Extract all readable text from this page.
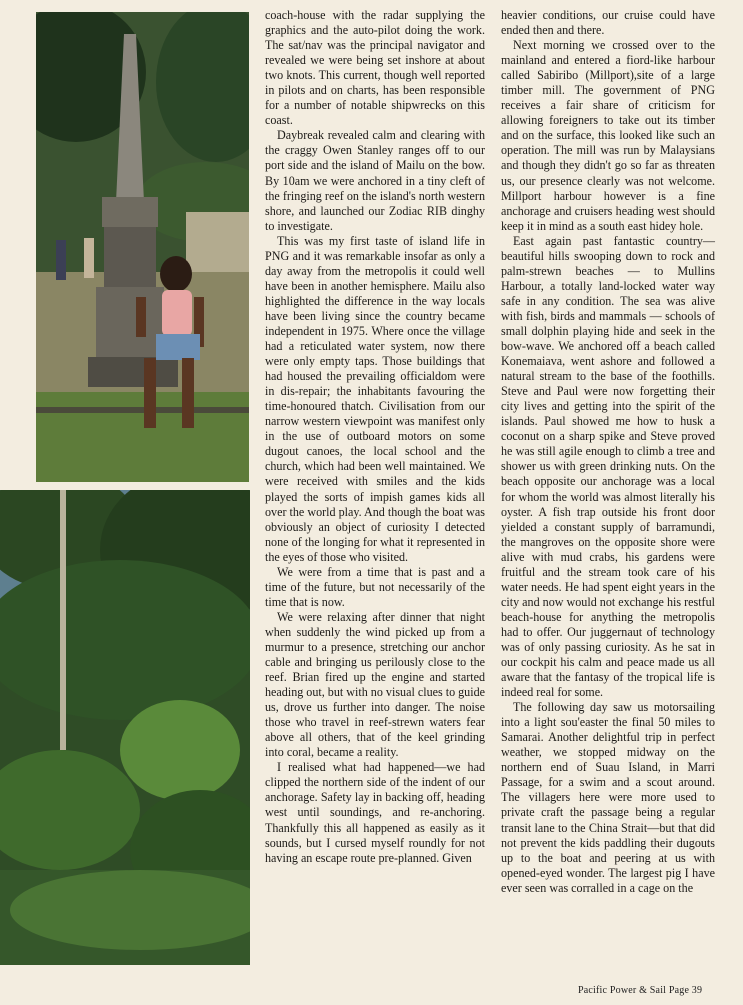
coach-house with the radar supplying the graphics and the auto-pilot doing the work. The sat/nav was the principal navigator and revealed we were being set inshore at about two knots. This current, though well reported in pilots and on charts, has been responsible for a number of notable shipwrecks on this coast.

Daybreak revealed calm and clearing with the craggy Owen Stanley ranges off to our port side and the island of Mailu on the bow. By 10am we were anchored in a tiny cleft of the fringing reef on the island's north western shore, and launched our Zodiac RIB dinghy to investigate.

This was my first taste of island life in PNG and it was remarkable insofar as only a day away from the metropolis it could well have been in another hemisphere. Mailu also highlighted the difference in the way locals have been living since the country became independent in 1975. Where once the village had a reticulated water system, now there were only empty taps. Those buildings that had housed the prevailing officialdom were in dis-repair; the inhabitants favouring the time-honoured thatch. Civilisation from our narrow western viewpoint was manifest only in the use of outboard motors on some dugout canoes, the local school and the church, which had been well maintained. We were received with smiles and the kids played the sorts of impish games kids all over the world play. And though the boat was obviously an object of curiosity I detected none of the longing for what it represented in the eyes of those who visited.

We were from a time that is past and a time of the future, but not necessarily of the time that is now.

We were relaxing after dinner that night when suddenly the wind picked up from a murmur to a presence, stretching our anchor cable and bringing us perilously close to the reef. Brian fired up the engine and started heading out, but with no visual clues to guide us, drove us further into danger. The noise those who travel in reef-strewn waters fear above all others, that of the keel grinding into coral, became a reality.

I realised what had happened—we had clipped the northern side of the indent of our anchorage. Safety lay in backing off, heading west until soundings, and re-anchoring. Thankfully this all happened as easily as it sounds, but I cursed myself roundly for not having an escape route pre-planned. Given

heavier conditions, our cruise could have ended then and there.

Next morning we crossed over to the mainland and entered a fiord-like harbour called Sabiribo (Millport),site of a large timber mill. The government of PNG receives a fair share of criticism for allowing foreigners to take out its timber and on the surface, this looked like such an operation. The mill was run by Malaysians and though they didn't go so far as threaten us, our presence clearly was not welcome. Millport harbour however is a fine anchorage and cruisers heading west should keep it in mind as a south east hidey hole.

East again past fantastic country—beautiful hills swooping down to rock and palm-strewn beaches — to Mullins Harbour, a totally land-locked water way safe in any condition. The sea was alive with fish, birds and mammals — schools of small dolphin playing hide and seek in the bow-wave. We anchored off a beach called Konemaiava, went ashore and followed a natural stream to the base of the foothills. Steve and Paul were now forgetting their city lives and getting into the spirit of the islands. Paul showed me how to husk a coconut on a sharp spike and Steve proved he was still agile enough to climb a tree and shower us with green drinking nuts. On the beach opposite our anchorage was a local for whom the world was almost literally his oyster. A fish trap outside his front door yielded a constant supply of barramundi, the mangroves on the opposite shore were alive with mud crabs, his gardens were fruitful and the stream took care of his water needs. He had spent eight years in the city and now would not exchange his restful beach-house for anything the metropolis had to offer. Our juggernaut of technology was of only passing curiosity. As he sat in our cockpit his calm and peace made us all aware that the fantasy of the tropical life is indeed real for some.

The following day saw us motorsailing into a light sou'easter the final 50 miles to Samarai. Another delightful trip in perfect weather, we stopped midway on the northern end of Suau Island, in Marri Passage, for a swim and a scout around. The villagers here were more used to private craft the passage being a regular transit lane to the China Strait—but that did not prevent the kids paddling their dugouts up to the boat and peering at us with opened-eyed wonder. The largest pig I have ever seen was corralled in a cage on the

Pacific Power & Sail Page 39
